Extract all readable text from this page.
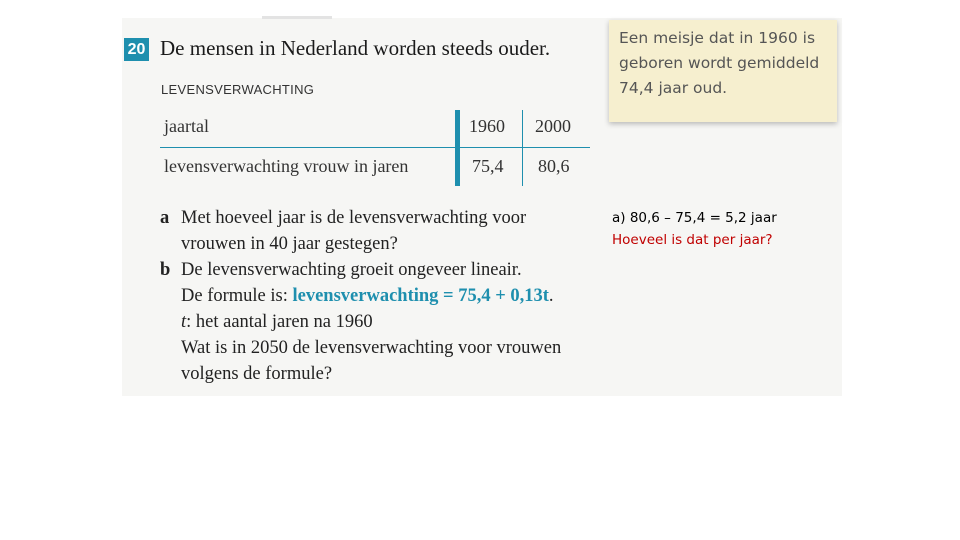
20 De mensen in Nederland worden steeds ouder.
LEVENSVERWACHTING
jaartal
levensverwachting vrouw in jaren
1960 2000
75,4 80,6
a Met hoeveel jaar is de levensverwachting voor
vrouwen in 40 jaar gestegen?
b De levensverwachting groeit ongeveer lineair.
De formule is: levensverwachting = 75,4 + 0,13t.
t: het aantal jaren na 1960
Wat is in 2050 de levensverwachting voor vrouwen
volgens de formule?
Een meisje dat in 1960 is
geboren wordt gemiddeld
74,4 jaar oud.
a) 80,6 – 75,4 = 5,2 jaar
Hoeveel is dat per jaar?
